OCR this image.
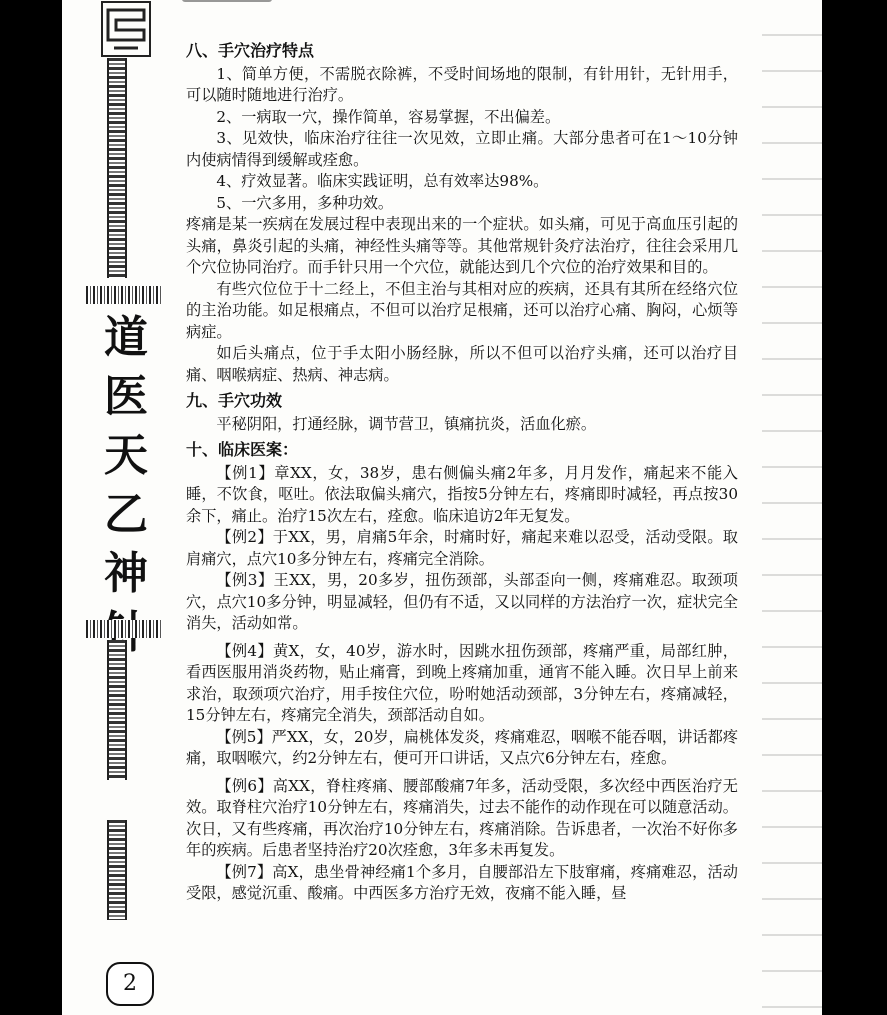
道
医
天
乙
神
2
八、手穴治疗特点

1、简单方便，不需脱衣除裤，不受时间场地的限制，有针用针，无针用手，可以随时随地进行治疗。

2、一病取一穴，操作简单，容易掌握，不出偏差。

3、见效快，临床治疗往往一次见效，立即止痛。大部分患者可在1～10分钟内使病情得到缓解或痊愈。

4、疗效显著。临床实践证明，总有效率达98%。

5、一穴多用，多种功效。

疼痛是某一疾病在发展过程中表现出来的一个症状。如头痛，可见于高血压引起的头痛，鼻炎引起的头痛，神经性头痛等等。其他常规针灸疗法治疗，往往会采用几个穴位协同治疗。而手针只用一个穴位，就能达到几个穴位的治疗效果和目的。

有些穴位位于十二经上，不但主治与其相对应的疾病，还具有其所在经络穴位的主治功能。如足根痛点，不但可以治疗足根痛，还可以治疗心痛、胸闷，心烦等病症。

如后头痛点，位于手太阳小肠经脉，所以不但可以治疗头痛，还可以治疗目痛、咽喉病症、热病、神志病。

九、手穴功效

平秘阴阳，打通经脉，调节营卫，镇痛抗炎，活血化瘀。

十、临床医案：

【例1】章XX，女，38岁，患右侧偏头痛2年多，月月发作，痛起来不能入睡，不饮食，呕吐。依法取偏头痛穴，指按5分钟左右，疼痛即时减轻，再点按30余下，痛止。治疗15次左右，痊愈。临床追访2年无复发。

【例2】于XX，男，肩痛5年余，时痛时好，痛起来难以忍受，活动受限。取肩痛穴，点穴10多分钟左右，疼痛完全消除。

【例3】王XX，男，20多岁，扭伤颈部，头部歪向一侧，疼痛难忍。取颈项穴，点穴10多分钟，明显减轻，但仍有不适，又以同样的方法治疗一次，症状完全消失，活动如常。

【例4】黄X，女，40岁，游水时，因跳水扭伤颈部，疼痛严重，局部红肿，看西医服用消炎药物，贴止痛膏，到晚上疼痛加重，通宵不能入睡。次日早上前来求治，取颈项穴治疗，用手按住穴位，吩咐她活动颈部，3分钟左右，疼痛减轻，15分钟左右，疼痛完全消失，颈部活动自如。

【例5】严XX，女，20岁，扁桃体发炎，疼痛难忍，咽喉不能吞咽，讲话都疼痛，取咽喉穴，约2分钟左右，便可开口讲话，又点穴6分钟左右，痊愈。

【例6】高XX，脊柱疼痛、腰部酸痛7年多，活动受限，多次经中西医治疗无效。取脊柱穴治疗10分钟左右，疼痛消失，过去不能作的动作现在可以随意活动。次日，又有些疼痛，再次治疗10分钟左右，疼痛消除。告诉患者，一次治不好你多年的疾病。后患者坚持治疗20次痊愈，3年多未再复发。

【例7】高X，患坐骨神经痛1个多月，自腰部沿左下肢窜痛，疼痛难忍，活动受限，感觉沉重、酸痛。中西医多方治疗无效，夜痛不能入睡，昼
